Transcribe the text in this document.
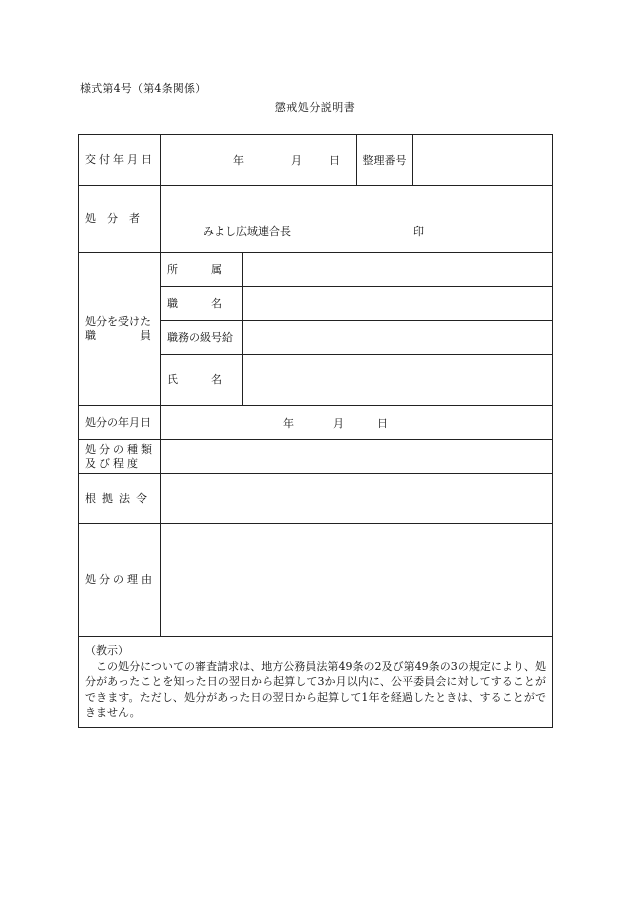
様式第4号（第4条関係）
懲戒処分説明書
交付年月日	年 月 日		整理番号	
処　分　者	みよし広域連合長 印			

処分を受けた
職　　　　員	所　　　属			
	職　　　名			
	職務の級号給			
	氏　　　名			
処分の年月日	年 月 日			

処分の種類
及び程度				

根拠法令				
処分の理由				

（教示）
この処分についての審査請求は、地方公務員法第49条の2及び第49条の3の規定により、処分があったことを知った日の翌日から起算して3か月以内に、公平委員会に対してすることができます。ただし、処分があった日の翌日から起算して1年を経過したときは、することができません。				
